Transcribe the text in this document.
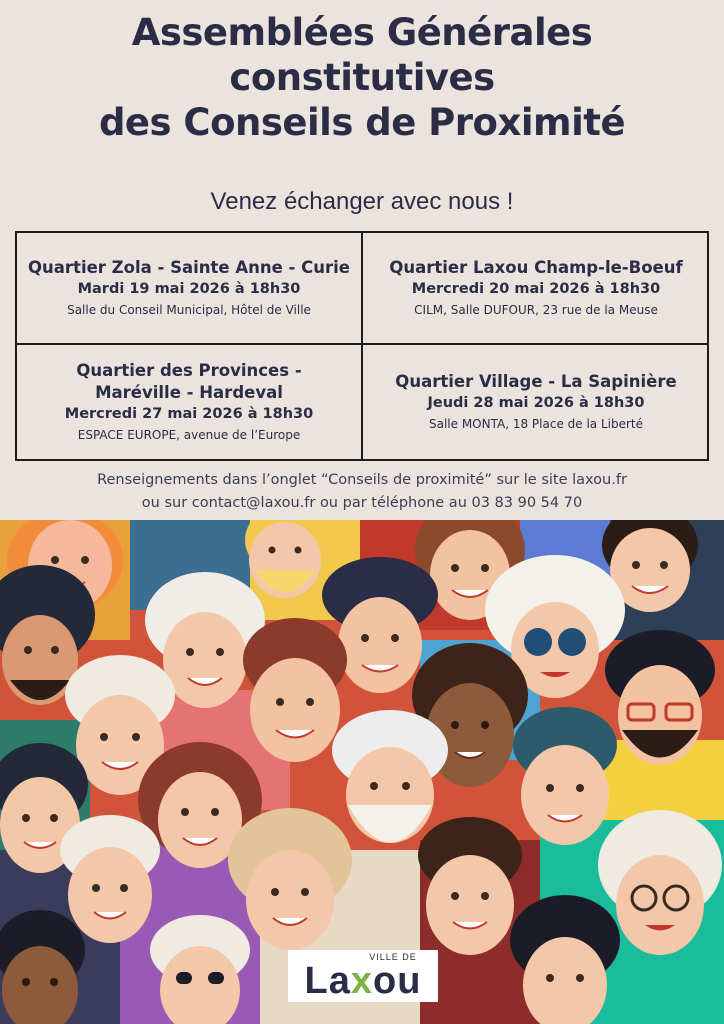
Assemblées Générales
constitutives
des Conseils de Proximité
Venez échanger avec nous !
Quartier Zola - Sainte Anne - Curie
Mardi 19 mai 2026 à 18h30
Salle du Conseil Municipal, Hôtel de Ville
Quartier Laxou Champ-le-Boeuf
Mercredi 20 mai 2026 à 18h30
CILM, Salle DUFOUR, 23 rue de la Meuse
Quartier des Provinces -
Maréville - Hardeval
Mercredi 27 mai 2026 à 18h30
ESPACE EUROPE, avenue de l’Europe
Quartier Village - La Sapinière
Jeudi 28 mai 2026 à 18h30
Salle MONTA, 18 Place de la Liberté
Renseignements dans l’onglet “Conseils de proximité” sur le site laxou.fr
ou sur contact@laxou.fr ou par téléphone au 03 83 90 54 70
VILLE DE
Laxou
